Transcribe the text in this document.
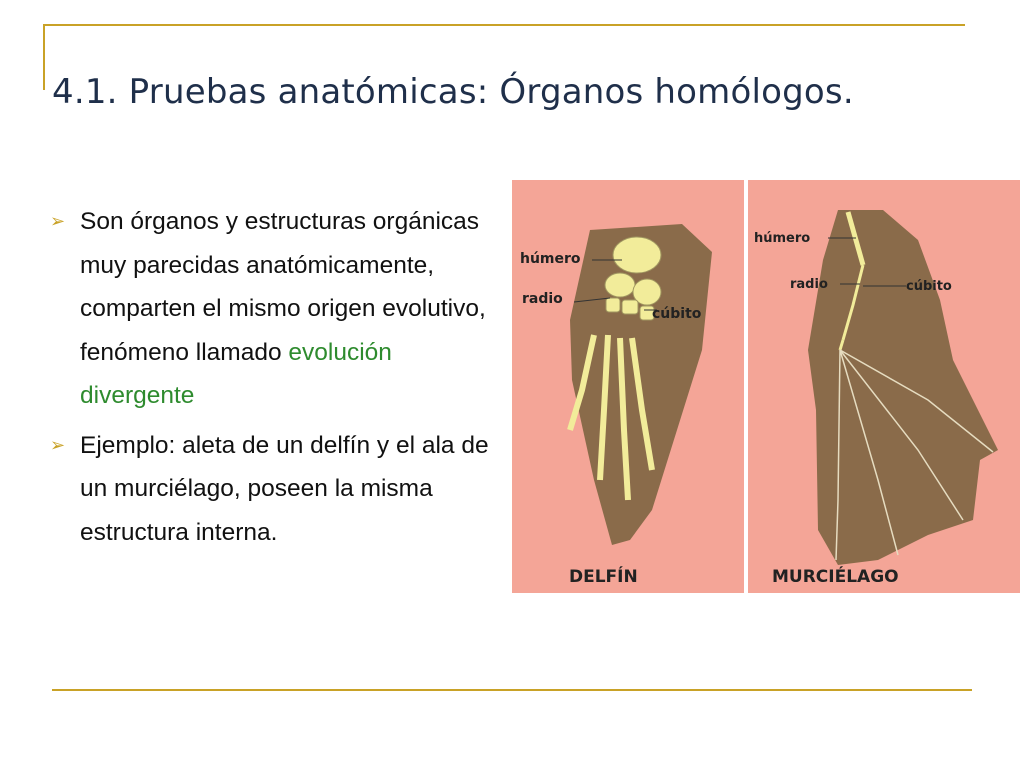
4.1. Pruebas anatómicas: Órganos homólogos.
➢ Son órganos y estructuras orgánicas muy parecidas anatómicamente, comparten el mismo origen evolutivo, fenómeno llamado evolución divergente
➢ Ejemplo: aleta de un delfín y el ala de un murciélago, poseen la misma estructura interna.
húmero
radio
cúbito
DELFÍN
húmero
radio	cúbito
MURCIÉLAGO
